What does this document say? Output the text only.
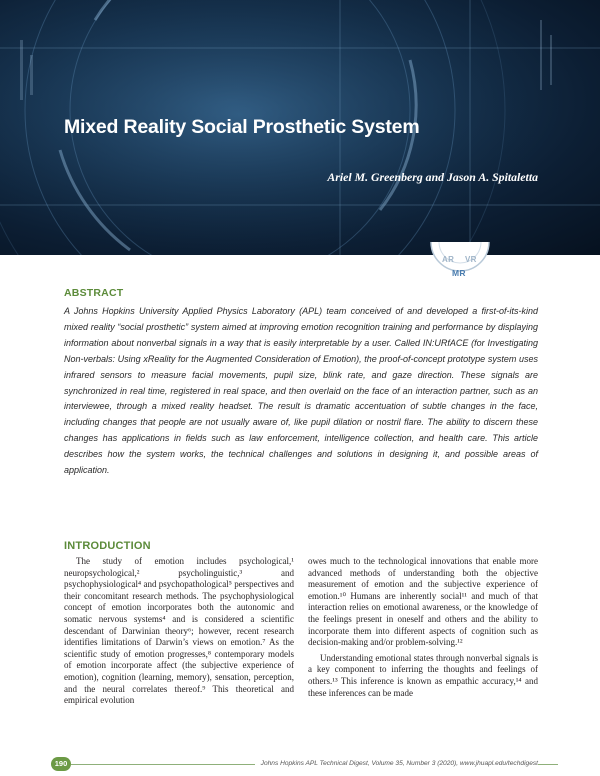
Mixed Reality Social Prosthetic System
Ariel M. Greenberg and Jason A. Spitaletta
AR VR
MR
ABSTRACT
A Johns Hopkins University Applied Physics Laboratory (APL) team conceived of and developed a first-of-its-kind mixed reality “social prosthetic” system aimed at improving emotion recognition training and performance by displaying information about nonverbal signals in a way that is easily interpretable by a user. Called IN:URfACE (for Investigating Non-verbals: Using xReality for the Augmented Consideration of Emotion), the proof-of-concept prototype system uses infrared sensors to measure facial movements, pupil size, blink rate, and gaze direction. These signals are synchronized in real time, registered in real space, and then overlaid on the face of an interaction partner, such as an interviewee, through a mixed reality headset. The result is dramatic accentuation of subtle changes in the face, including changes that people are not usually aware of, like pupil dilation or nostril flare. The ability to discern these changes has applications in fields such as law enforcement, intelligence collection, and health care. This article describes how the system works, the technical challenges and solutions in designing it, and possible areas of application.
INTRODUCTION

The study of emotion includes psychological,¹ neuropsychological,² psycholinguistic,³ and psychophysiological⁴ and psychopathological⁵ perspectives and their concomitant research methods. The psychophysiological concept of emotion incorporates both the autonomic and somatic nervous systems⁴ and is considered a scientific descendant of Darwinian theory⁶; however, recent research identifies limitations of Darwin’s views on emotion.⁷ As the scientific study of emotion progresses,⁸ contemporary models of emotion incorporate affect (the subjective experience of emotion), cognition (learning, memory), sensation, perception, and the neural correlates thereof.⁹ This theoretical and empirical evolution

owes much to the technological innovations that enable more advanced methods of understanding both the objective measurement of emotion and the subjective experience of emotion.¹⁰ Humans are inherently social¹¹ and much of that interaction relies on emotional awareness, or the knowledge of the feelings present in oneself and others and the ability to incorporate them into different aspects of cognition such as decision-making and/or problem-solving.¹²

Understanding emotional states through nonverbal signals is a key component to inferring the thoughts and feelings of others.¹³ This inference is known as empathic accuracy,¹⁴ and these inferences can be made

190	Johns Hopkins APL Technical Digest, Volume 35, Number 3 (2020), www.jhuapl.edu/techdigest
